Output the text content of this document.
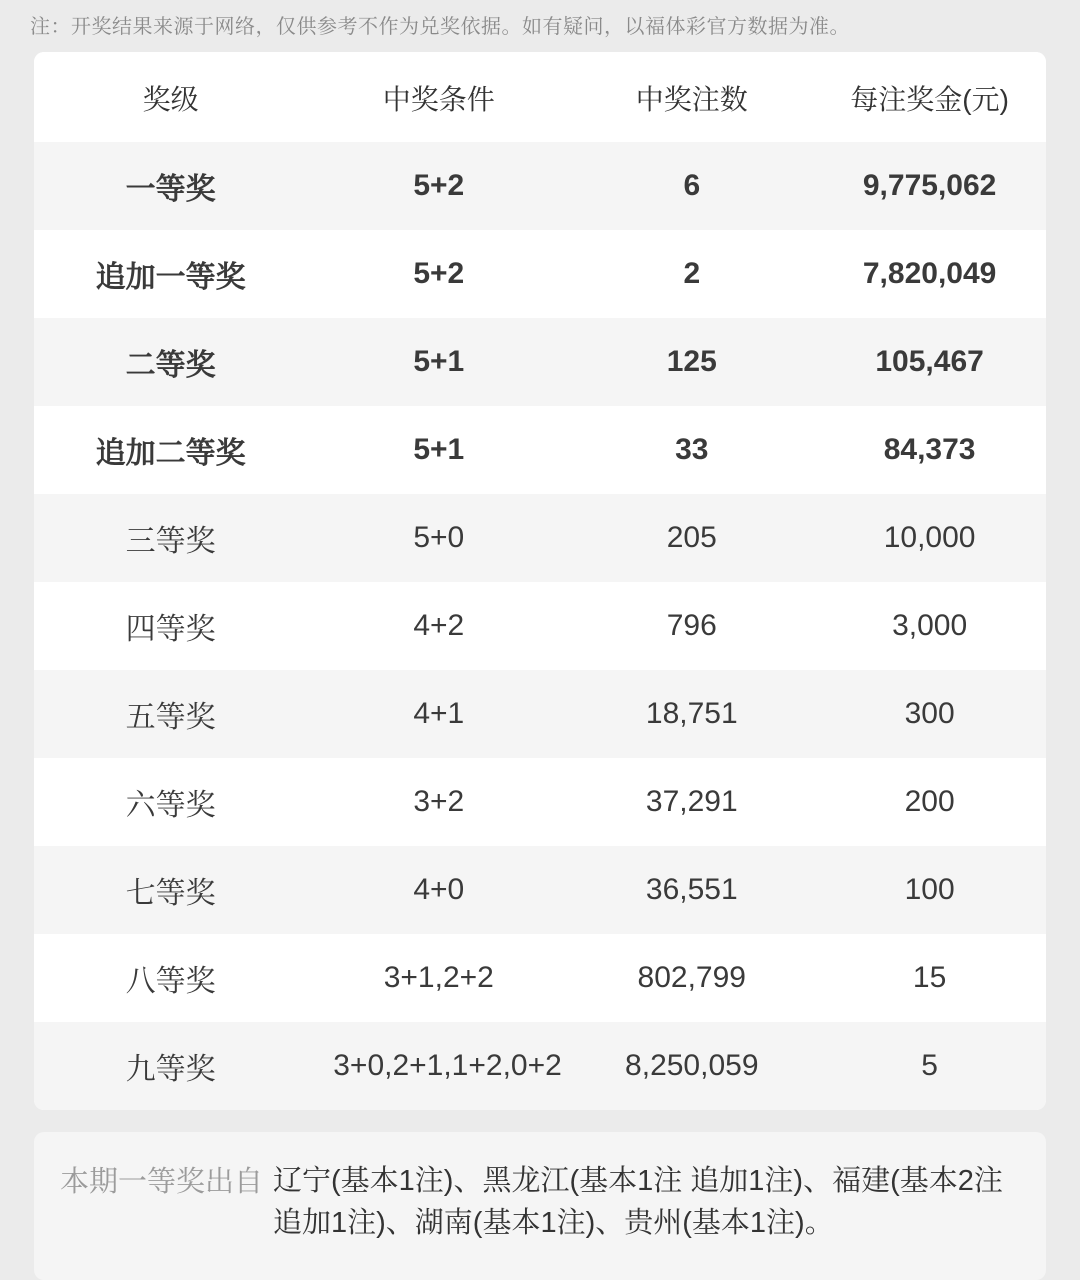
注：开奖结果来源于网络，仅供参考不作为兑奖依据。如有疑问，以福体彩官方数据为准。
奖级	中奖条件	中奖注数	每注奖金(元)
一等奖	5+2	6	9,775,062
追加一等奖	5+2	2	7,820,049
二等奖	5+1	125	105,467
追加二等奖	5+1	33	84,373
三等奖	5+0	205	10,000
四等奖	4+2	796	3,000
五等奖	4+1	18,751	300
六等奖	3+2	37,291	200
七等奖	4+0	36,551	100
八等奖	3+1,2+2	802,799	15
九等奖	3+0,2+1,1+2,0+2	8,250,059	5
本期一等奖出自 辽宁(基本1注)、黑龙江(基本1注 追加1注)、福建(基本2注 追加1注)、湖南(基本1注)、贵州(基本1注)。
